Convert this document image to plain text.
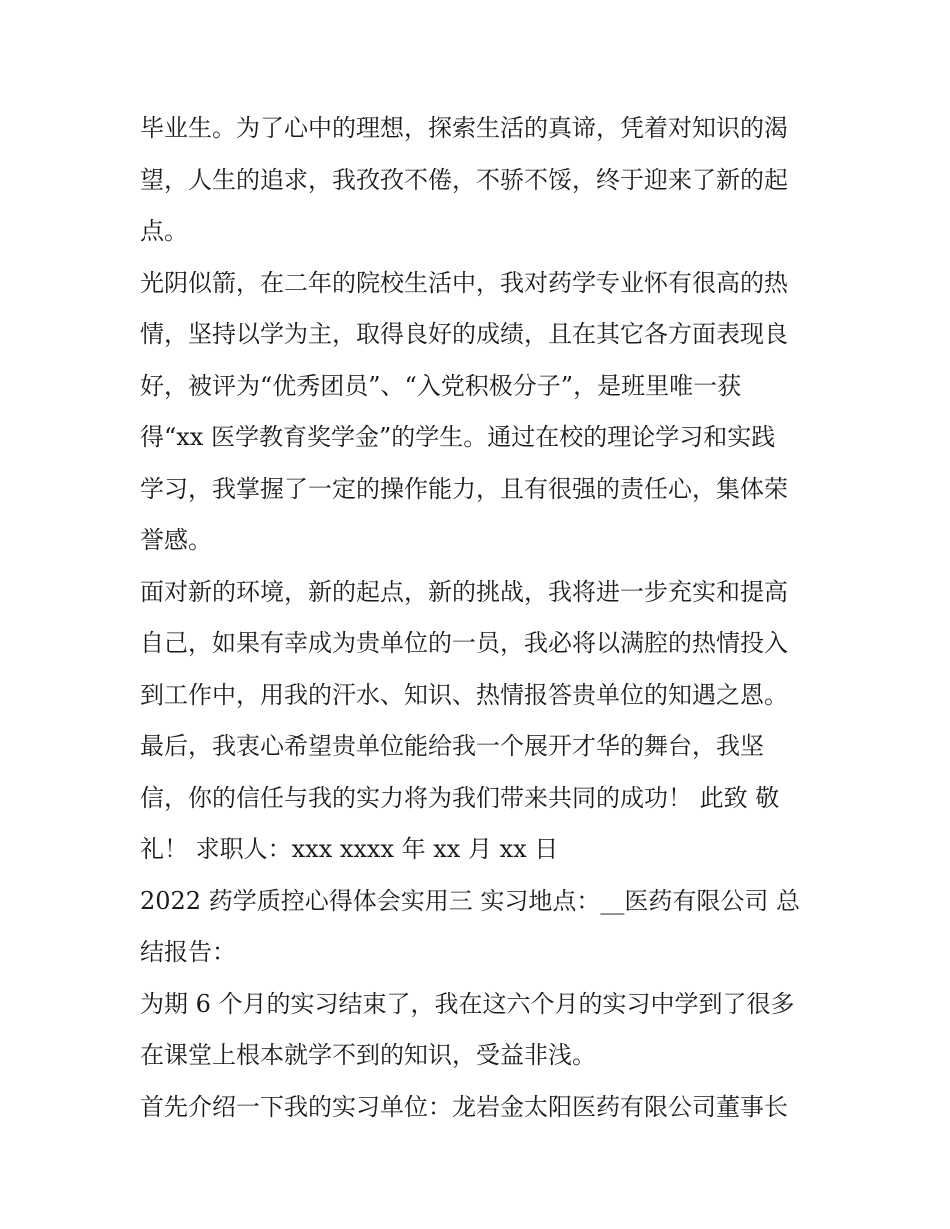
毕业生。为了心中的理想，探索生活的真谛，凭着对知识的渴
望，人生的追求，我孜孜不倦，不骄不馁，终于迎来了新的起
点。
光阴似箭，在二年的院校生活中，我对药学专业怀有很高的热
情，坚持以学为主，取得良好的成绩，且在其它各方面表现良
好，被评为“优秀团员”、“入党积极分子”，是班里唯一获
得“xx 医学教育奖学金”的学生。通过在校的理论学习和实践
学习，我掌握了一定的操作能力，且有很强的责任心，集体荣
誉感。
面对新的环境，新的起点，新的挑战，我将进一步充实和提高
自己，如果有幸成为贵单位的一员，我必将以满腔的热情投入
到工作中，用我的汗水、知识、热情报答贵单位的知遇之恩。
最后，我衷心希望贵单位能给我一个展开才华的舞台，我坚
信，你的信任与我的实力将为我们带来共同的成功！ 此致 敬
礼！ 求职人：xxx xxxx 年 xx 月 xx 日
2022 药学质控心得体会实用三 实习地点：__医药有限公司 总
结报告：
为期 6 个月的实习结束了，我在这六个月的实习中学到了很多
在课堂上根本就学不到的知识，受益非浅。
首先介绍一下我的实习单位：龙岩金太阳医药有限公司董事长
